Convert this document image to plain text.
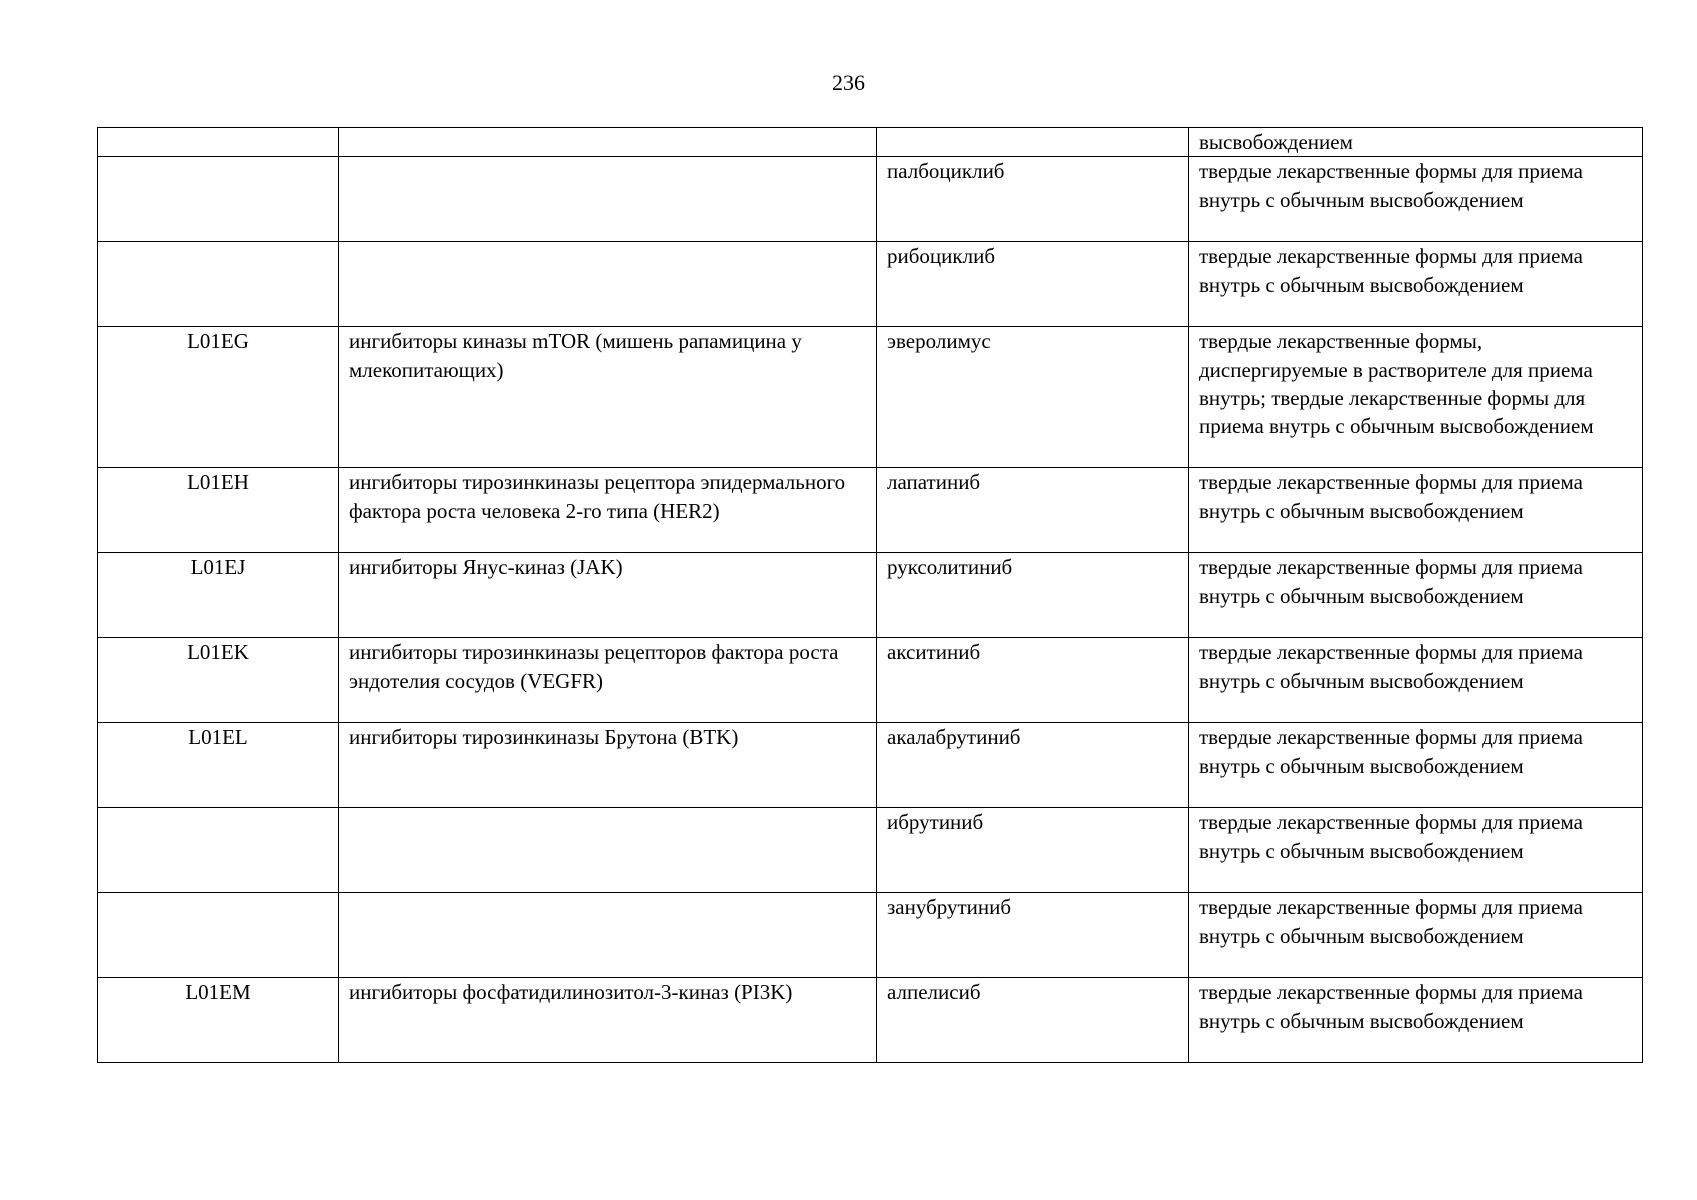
236
			высвобождением
		палбоциклиб	твердые лекарственные формы для приема внутрь с обычным высвобождением
		рибоциклиб	твердые лекарственные формы для приема внутрь с обычным высвобождением
L01EG	ингибиторы киназы mTOR (мишень рапамицина у млекопитающих)	эверолимус	твердые лекарственные формы, диспергируемые в растворителе для приема внутрь; твердые лекарственные формы для приема внутрь с обычным высвобождением
L01EH	ингибиторы тирозинкиназы рецептора эпидермального фактора роста человека 2-го типа (HER2)	лапатиниб	твердые лекарственные формы для приема внутрь с обычным высвобождением
L01EJ	ингибиторы Янус-киназ (JAK)	руксолитиниб	твердые лекарственные формы для приема внутрь с обычным высвобождением
L01EK	ингибиторы тирозинкиназы рецепторов фактора роста эндотелия сосудов (VEGFR)	акситиниб	твердые лекарственные формы для приема внутрь с обычным высвобождением
L01EL	ингибиторы тирозинкиназы Брутона (BTK)	акалабрутиниб	твердые лекарственные формы для приема внутрь с обычным высвобождением
		ибрутиниб	твердые лекарственные формы для приема внутрь с обычным высвобождением
		занубрутиниб	твердые лекарственные формы для приема внутрь с обычным высвобождением
L01EM	ингибиторы фосфатидилинозитол-3-киназ (PI3K)	алпелисиб	твердые лекарственные формы для приема внутрь с обычным высвобождением
